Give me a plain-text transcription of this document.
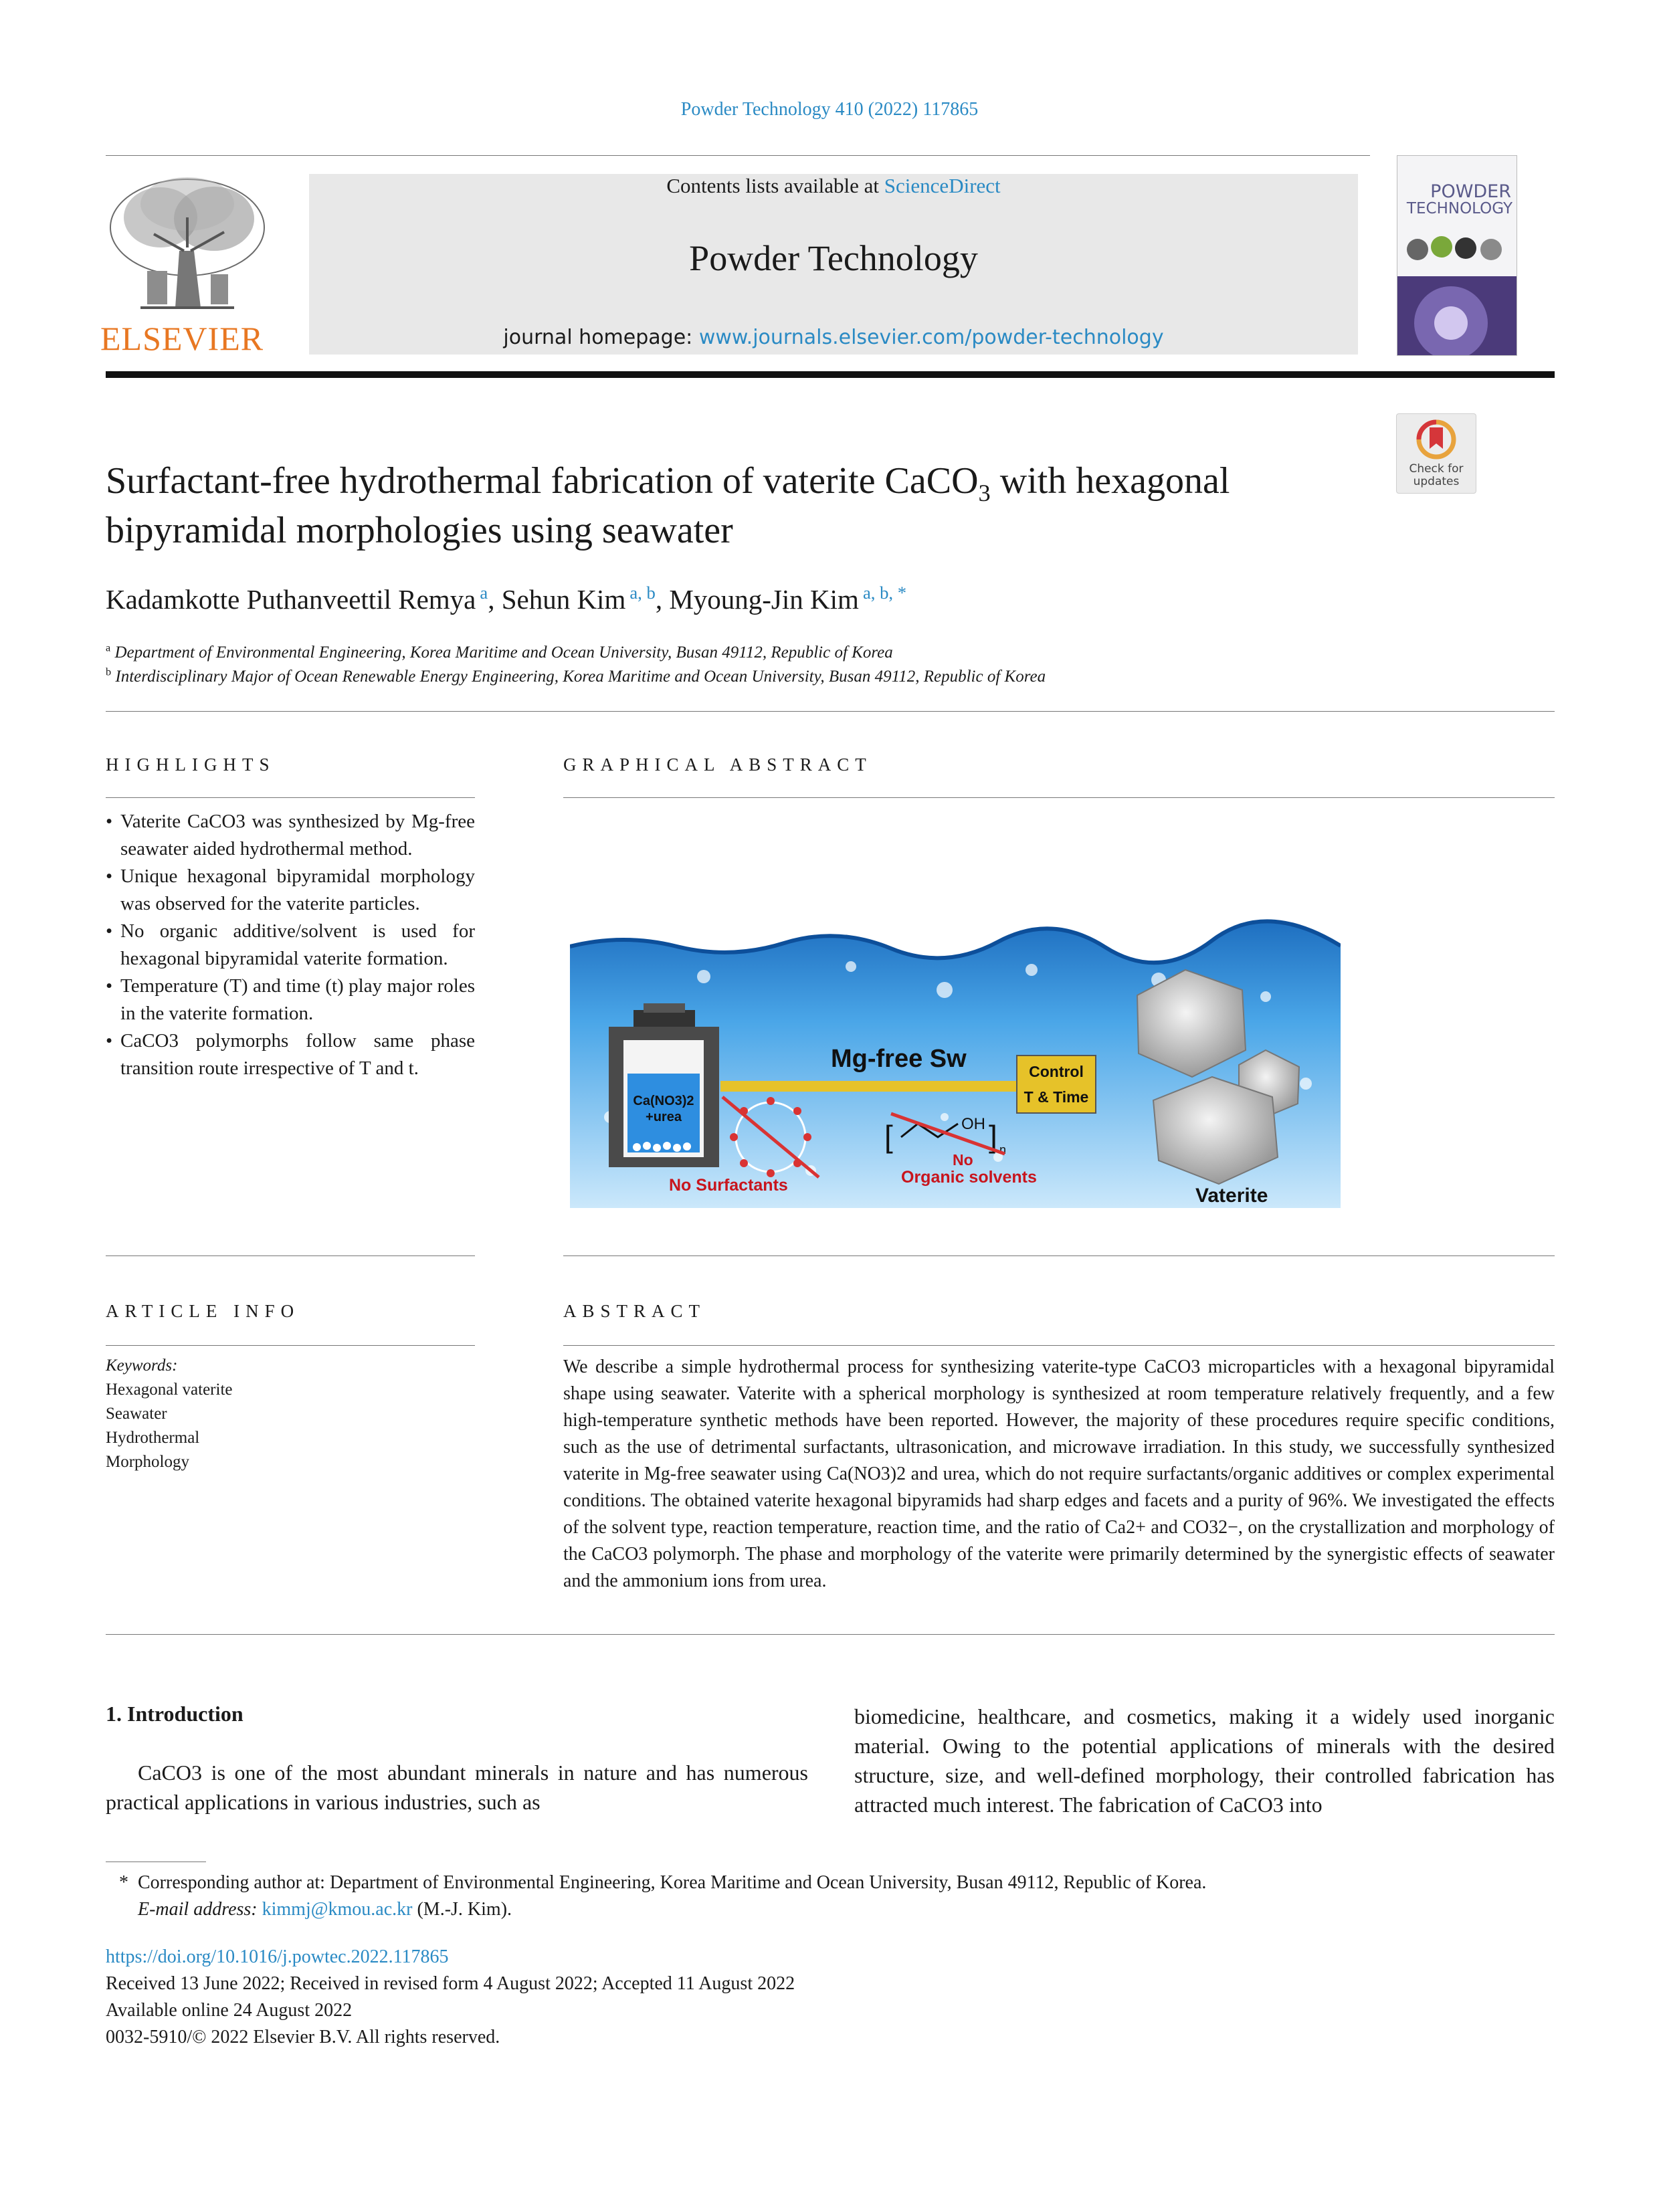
Powder Technology 410 (2022) 117865
ELSEVIER
Contents lists available at ScienceDirect
Powder Technology
journal homepage: www.journals.elsevier.com/powder-technology
POWDER
TECHNOLOGY
Check for
updates
Surfactant-free hydrothermal fabrication of vaterite CaCO$_3$ with hexagonal
bipyramidal morphologies using seawater
Kadamkotte Puthanveettil Remya $^a$, Sehun Kim $^{a, b}$, Myoung-Jin Kim $^{a, b, *}$
$^a$ Department of Environmental Engineering, Korea Maritime and Ocean University, Busan 49112, Republic of Korea
$^b$ Interdisciplinary Major of Ocean Renewable Energy Engineering, Korea Maritime and Ocean University, Busan 49112, Republic of Korea
HIGHLIGHTS
• Vaterite CaCO3 was synthesized by Mg-free seawater aided hydrothermal method.
• Unique hexagonal bipyramidal morphology was observed for the vaterite particles.
• No organic additive/solvent is used for hexagonal bipyramidal vaterite formation.
• Temperature (T) and time (t) play major roles in the vaterite formation.
• CaCO3 polymorphs follow same phase transition route irrespective of T and t.
GRAPHICAL ABSTRACT
Ca(NO3)2
+urea
Mg-free Sw	Control
T & Time
No Surfactants
[	OH ] n
No
Organic solvents
Vaterite
ARTICLE INFO
Keywords:
Hexagonal vaterite
Seawater
Hydrothermal
Morphology
ABSTRACT
We describe a simple hydrothermal process for synthesizing vaterite-type CaCO3 microparticles with a hexagonal bipyramidal shape using seawater. Vaterite with a spherical morphology is synthesized at room temperature relatively frequently, and a few high-temperature synthetic methods have been reported. However, the majority of these procedures require specific conditions, such as the use of detrimental surfactants, ultrasonication, and microwave irradiation. In this study, we successfully synthesized vaterite in Mg-free seawater using Ca(NO3)2 and urea, which do not require surfactants/organic additives or complex experimental conditions. The obtained vaterite hexagonal bipyramids had sharp edges and facets and a purity of 96%. We investigated the effects of the solvent type, reaction temperature, reaction time, and the ratio of Ca2+ and CO32−, on the crystallization and morphology of the CaCO3 polymorph. The phase and morphology of the vaterite were primarily determined by the synergistic effects of seawater and the ammonium ions from urea.
1. Introduction
CaCO3 is one of the most abundant minerals in nature and has numerous practical applications in various industries, such as
biomedicine, healthcare, and cosmetics, making it a widely used inorganic material. Owing to the potential applications of minerals with the desired structure, size, and well-defined morphology, their controlled fabrication has attracted much interest. The fabrication of CaCO3 into
* Corresponding author at: Department of Environmental Engineering, Korea Maritime and Ocean University, Busan 49112, Republic of Korea.
E-mail address: kimmj@kmou.ac.kr (M.-J. Kim).
https://doi.org/10.1016/j.powtec.2022.117865
Received 13 June 2022; Received in revised form 4 August 2022; Accepted 11 August 2022
Available online 24 August 2022
0032-5910/© 2022 Elsevier B.V. All rights reserved.
